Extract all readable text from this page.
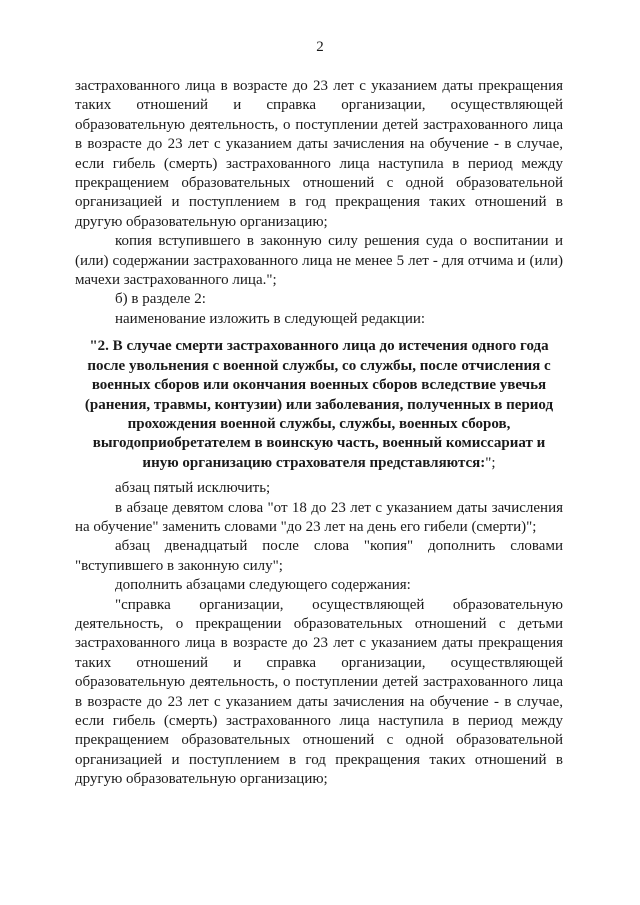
2

застрахованного лица в возрасте до 23 лет с указанием даты прекращения таких отношений и справка организации, осуществляющей образовательную деятельность, о поступлении детей застрахованного лица в возрасте до 23 лет с указанием даты зачисления на обучение - в случае, если гибель (смерть) застрахованного лица наступила в период между прекращением образовательных отношений с одной образовательной организацией и поступлением в год прекращения таких отношений в другую образовательную организацию;

копия вступившего в законную силу решения суда о воспитании и (или) содержании застрахованного лица не менее 5 лет - для отчима и (или) мачехи застрахованного лица.";

б) в разделе 2:

наименование изложить в следующей редакции:

"2. В случае смерти застрахованного лица до истечения одного года после увольнения с военной службы, со службы, после отчисления с военных сборов или окончания военных сборов вследствие увечья (ранения, травмы, контузии) или заболевания, полученных в период прохождения военной службы, службы, военных сборов, выгодоприобретателем в воинскую часть, военный комиссариат и иную организацию страхователя представляются:";

абзац пятый исключить;

в абзаце девятом слова "от 18 до 23 лет с указанием даты зачисления на обучение" заменить словами "до 23 лет на день его гибели (смерти)";

абзац двенадцатый после слова "копия" дополнить словами "вступившего в законную силу";

дополнить абзацами следующего содержания:

"справка организации, осуществляющей образовательную деятельность, о прекращении образовательных отношений с детьми застрахованного лица в возрасте до 23 лет с указанием даты прекращения таких отношений и справка организации, осуществляющей образовательную деятельность, о поступлении детей застрахованного лица в возрасте до 23 лет с указанием даты зачисления на обучение - в случае, если гибель (смерть) застрахованного лица наступила в период между прекращением образовательных отношений с одной образовательной организацией и поступлением в год прекращения таких отношений в другую образовательную организацию;
